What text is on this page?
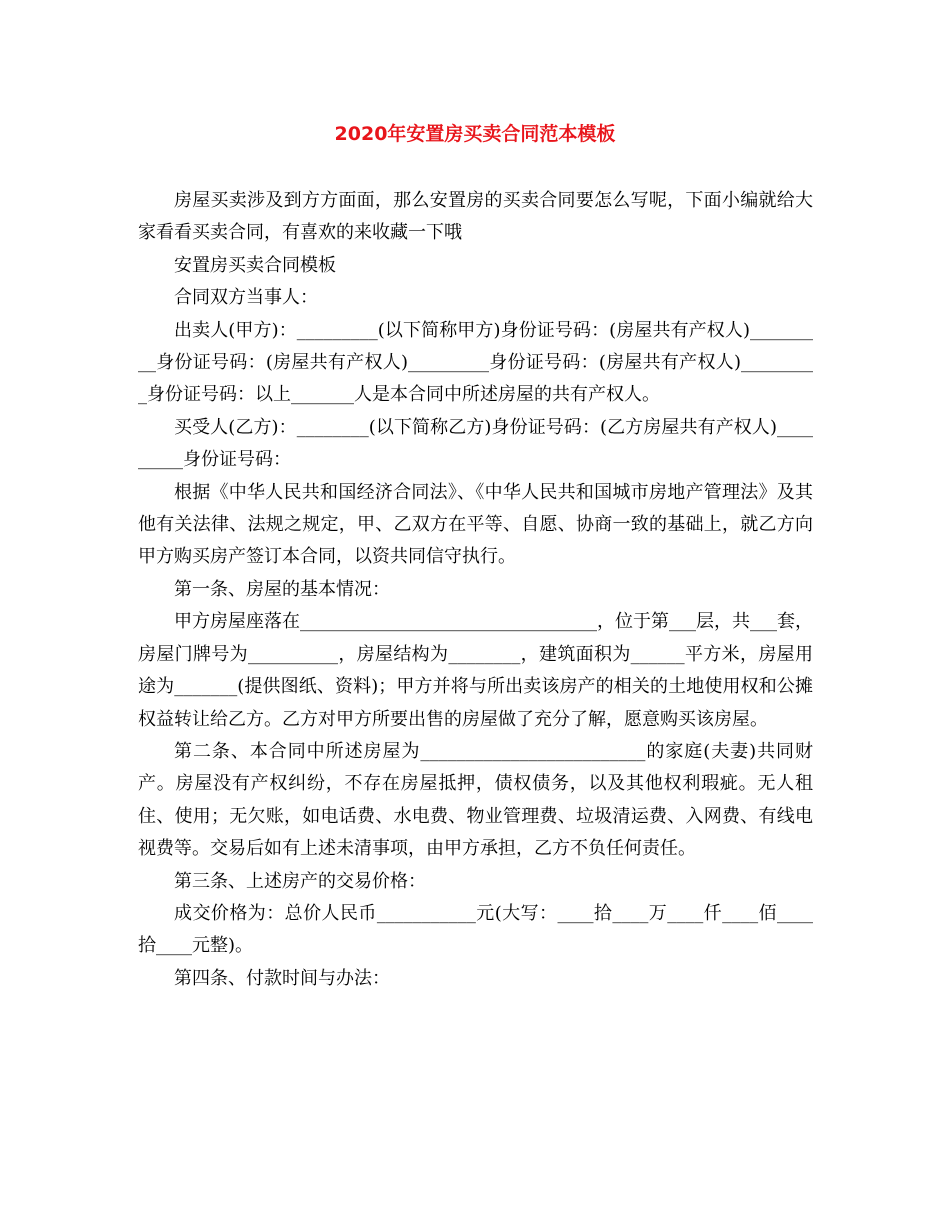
2020年安置房买卖合同范本模板

房屋买卖涉及到方方面面，那么安置房的买卖合同要怎么写呢，下面小编就给大家看看买卖合同，有喜欢的来收藏一下哦

安置房买卖合同模板

合同双方当事人：

出卖人(甲方)：_________(以下简称甲方)身份证号码：(房屋共有产权人)_________身份证号码：(房屋共有产权人)_________身份证号码：(房屋共有产权人)_________身份证号码：以上_______人是本合同中所述房屋的共有产权人。

买受人(乙方)：________(以下简称乙方)身份证号码：(乙方房屋共有产权人)_________身份证号码：

根据《中华人民共和国经济合同法》、《中华人民共和国城市房地产管理法》及其他有关法律、法规之规定，甲、乙双方在平等、自愿、协商一致的基础上，就乙方向甲方购买房产签订本合同，以资共同信守执行。

第一条、房屋的基本情况：

甲方房屋座落在_________________________________，位于第___层，共___套，房屋门牌号为__________，房屋结构为________，建筑面积为______平方米，房屋用途为_______(提供图纸、资料)；甲方并将与所出卖该房产的相关的土地使用权和公摊权益转让给乙方。乙方对甲方所要出售的房屋做了充分了解，愿意购买该房屋。

第二条、本合同中所述房屋为_________________________的家庭(夫妻)共同财产。房屋没有产权纠纷，不存在房屋抵押，债权债务，以及其他权利瑕疵。无人租住、使用；无欠账，如电话费、水电费、物业管理费、垃圾清运费、入网费、有线电视费等。交易后如有上述未清事项，由甲方承担，乙方不负任何责任。

第三条、上述房产的交易价格：

成交价格为：总价人民币___________元(大写：____拾____万____仟____佰____拾____元整)。

第四条、付款时间与办法：
